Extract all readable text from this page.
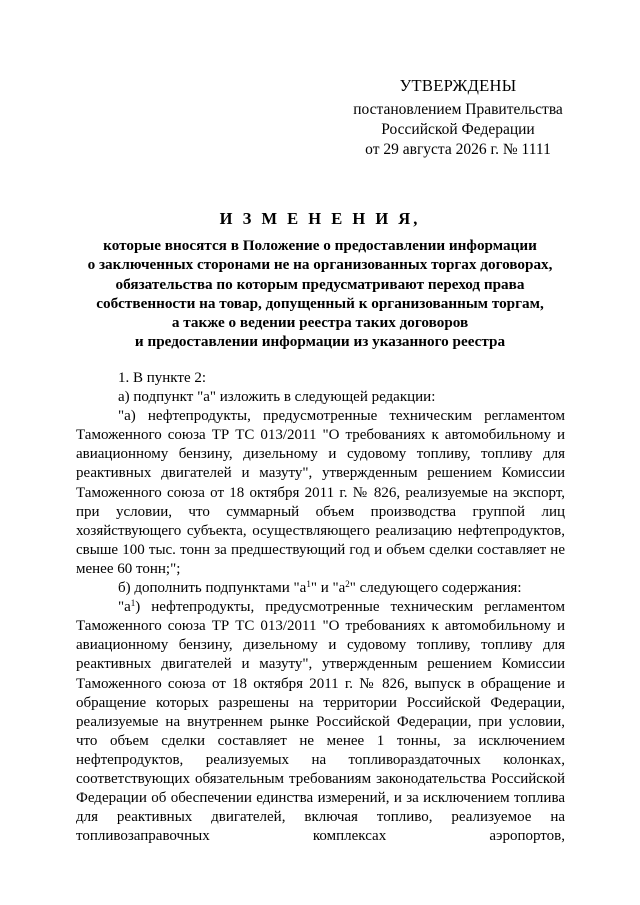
УТВЕРЖДЕНЫ
постановлением Правительства
Российской Федерации
от 29 августа 2026 г. № 1111
И З М Е Н Е Н И Я,
которые вносятся в Положение о предоставлении информации
о заключенных сторонами не на организованных торгах договорах,
обязательства по которым предусматривают переход права
собственности на товар, допущенный к организованным торгам,
а также о ведении реестра таких договоров
и предоставлении информации из указанного реестра

1. В пункте 2:

а) подпункт "а" изложить в следующей редакции:

"а) нефтепродукты, предусмотренные техническим регламентом Таможенного союза ТР ТС 013/2011 "О требованиях к автомобильному и авиационному бензину, дизельному и судовому топливу, топливу для реактивных двигателей и мазуту", утвержденным решением Комиссии Таможенного союза от 18 октября 2011 г. № 826, реализуемые на экспорт, при условии, что суммарный объем производства группой лиц хозяйствующего субъекта, осуществляющего реализацию нефтепродуктов, свыше 100 тыс. тонн за предшествующий год и объем сделки составляет не менее 60 тонн;";

б) дополнить подпунктами "$а^1$" и "$а^2$" следующего содержания:

"$а^1$) нефтепродукты, предусмотренные техническим регламентом Таможенного союза ТР ТС 013/2011 "О требованиях к автомобильному и авиационному бензину, дизельному и судовому топливу, топливу для реактивных двигателей и мазуту", утвержденным решением Комиссии Таможенного союза от 18 октября 2011 г. № 826, выпуск в обращение и обращение которых разрешены на территории Российской Федерации, реализуемые на внутреннем рынке Российской Федерации, при условии, что объем сделки составляет не менее 1 тонны, за исключением нефтепродуктов, реализуемых на топливораздаточных колонках, соответствующих обязательным требованиям законодательства Российской Федерации об обеспечении единства измерений, и за исключением топлива для реактивных двигателей, включая топливо, реализуемое на топливозаправочных комплексах аэропортов,
